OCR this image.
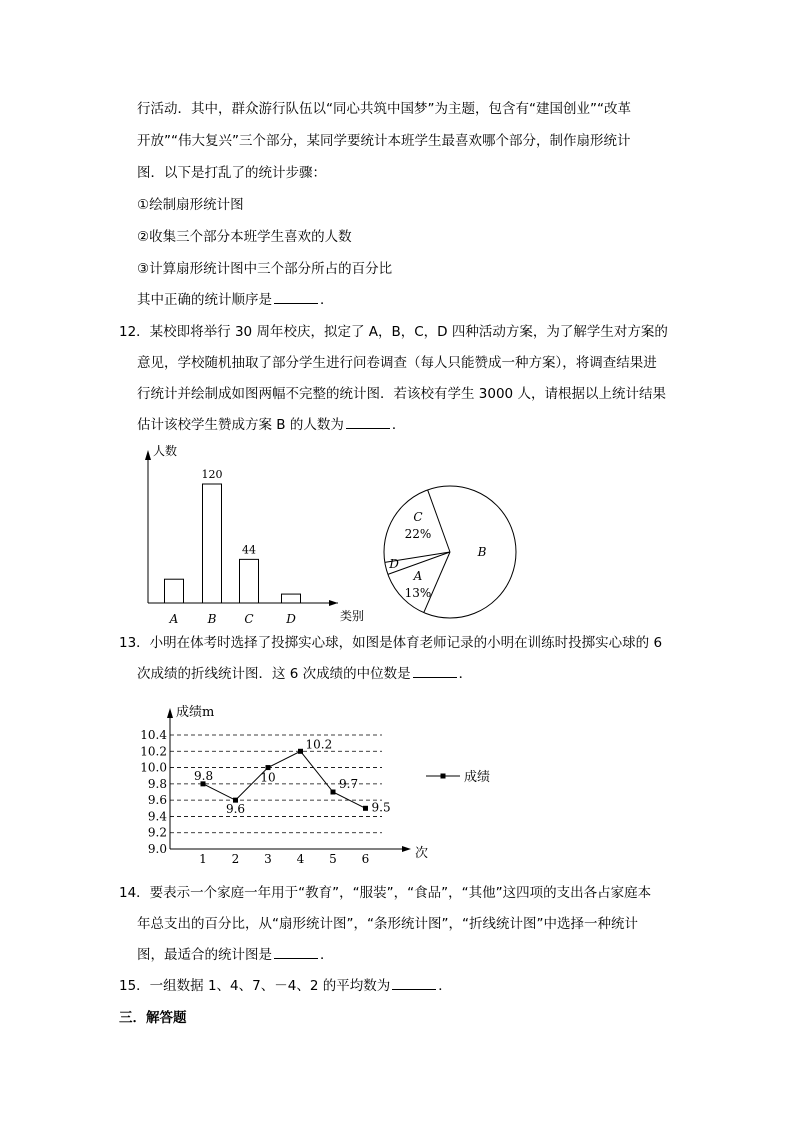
行活动．其中，群众游行队伍以“同心共筑中国梦”为主题，包含有“建国创业”“改革
开放”“伟大复兴”三个部分，某同学要统计本班学生最喜欢哪个部分，制作扇形统计
图．以下是打乱了的统计步骤：
①绘制扇形统计图
②收集三个部分本班学生喜欢的人数
③计算扇形统计图中三个部分所占的百分比
其中正确的统计顺序是	．
12．某校即将举行 30 周年校庆，拟定了 A，B，C，D 四种活动方案，为了解学生对方案的
意见，学校随机抽取了部分学生进行问卷调查（每人只能赞成一种方案），将调查结果进
行统计并绘制成如图两幅不完整的统计图．若该校有学生 3000 人，请根据以上统计结果
估计该校学生赞成方案 B 的人数为	．
人数
类别
A B
120
C
44
D
C
22%
B
A
13%
D
13．小明在体考时选择了投掷实心球，如图是体育老师记录的小明在训练时投掷实心球的 6
次成绩的折线统计图．这 6 次成绩的中位数是	．
成绩m
次
9.0
9.2
9.4
9.6
9.8
10.0
10.2
10.4
1 2 3 4 5 6
9.8
9.6
10
10.2
9.7
9.5
成绩
14．要表示一个家庭一年用于“教育”，“服装”，“食品”，“其他”这四项的支出各占家庭本
年总支出的百分比，从“扇形统计图”，“条形统计图”，“折线统计图”中选择一种统计
图，最适合的统计图是	．
15．一组数据 1、4、7、－4、2 的平均数为	．
三．解答题
